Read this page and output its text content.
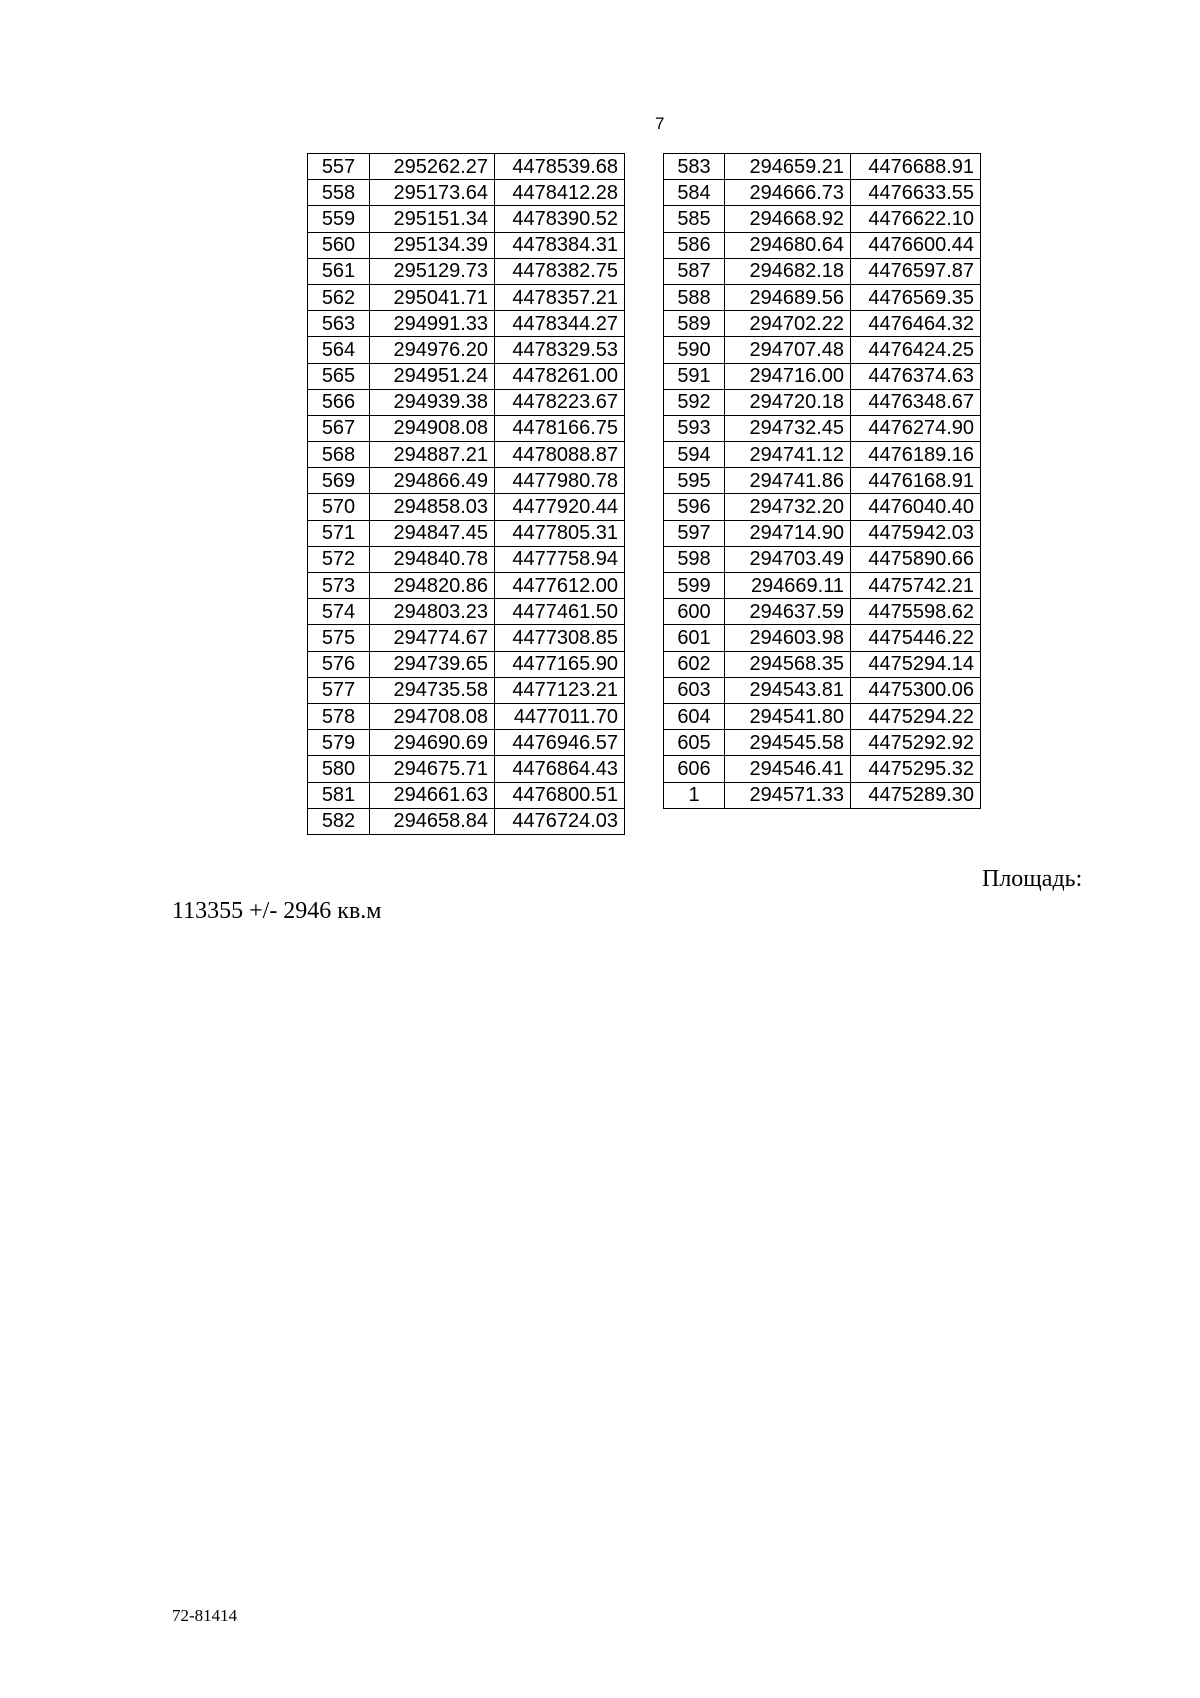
7
557	295262.27	4478539.68
558	295173.64	4478412.28
559	295151.34	4478390.52
560	295134.39	4478384.31
561	295129.73	4478382.75
562	295041.71	4478357.21
563	294991.33	4478344.27
564	294976.20	4478329.53
565	294951.24	4478261.00
566	294939.38	4478223.67
567	294908.08	4478166.75
568	294887.21	4478088.87
569	294866.49	4477980.78
570	294858.03	4477920.44
571	294847.45	4477805.31
572	294840.78	4477758.94
573	294820.86	4477612.00
574	294803.23	4477461.50
575	294774.67	4477308.85
576	294739.65	4477165.90
577	294735.58	4477123.21
578	294708.08	4477011.70
579	294690.69	4476946.57
580	294675.71	4476864.43
581	294661.63	4476800.51
582	294658.84	4476724.03
583	294659.21	4476688.91
584	294666.73	4476633.55
585	294668.92	4476622.10
586	294680.64	4476600.44
587	294682.18	4476597.87
588	294689.56	4476569.35
589	294702.22	4476464.32
590	294707.48	4476424.25
591	294716.00	4476374.63
592	294720.18	4476348.67
593	294732.45	4476274.90
594	294741.12	4476189.16
595	294741.86	4476168.91
596	294732.20	4476040.40
597	294714.90	4475942.03
598	294703.49	4475890.66
599	294669.11	4475742.21
600	294637.59	4475598.62
601	294603.98	4475446.22
602	294568.35	4475294.14
603	294543.81	4475300.06
604	294541.80	4475294.22
605	294545.58	4475292.92
606	294546.41	4475295.32
1	294571.33	4475289.30
Площадь:
113355 +/- 2946 кв.м
72-81414
